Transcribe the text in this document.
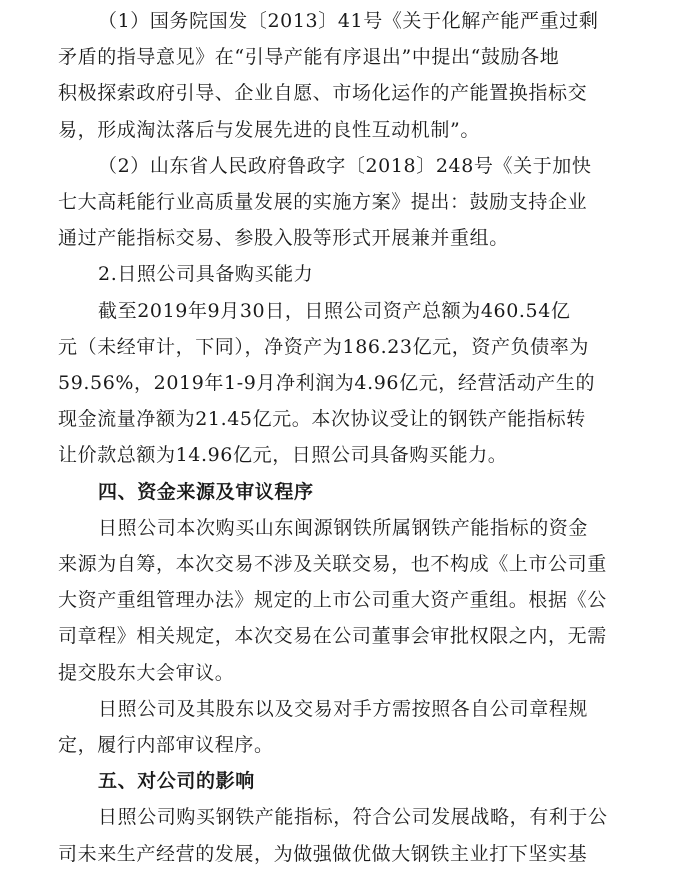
（1）国务院国发〔2013〕41号《关于化解产能严重过剩
矛盾的指导意见》在“引导产能有序退出”中提出“鼓励各地
积极探索政府引导、企业自愿、市场化运作的产能置换指标交
易，形成淘汰落后与发展先进的良性互动机制”。
（2）山东省人民政府鲁政字〔2018〕248号《关于加快
七大高耗能行业高质量发展的实施方案》提出：鼓励支持企业
通过产能指标交易、参股入股等形式开展兼并重组。
2.日照公司具备购买能力
截至2019年9月30日，日照公司资产总额为460.54亿
元（未经审计，下同），净资产为186.23亿元，资产负债率为
59.56%，2019年1-9月净利润为4.96亿元，经营活动产生的
现金流量净额为21.45亿元。本次协议受让的钢铁产能指标转
让价款总额为14.96亿元，日照公司具备购买能力。
四、资金来源及审议程序
日照公司本次购买山东闽源钢铁所属钢铁产能指标的资金
来源为自筹，本次交易不涉及关联交易，也不构成《上市公司重
大资产重组管理办法》规定的上市公司重大资产重组。根据《公
司章程》相关规定，本次交易在公司董事会审批权限之内，无需
提交股东大会审议。
日照公司及其股东以及交易对手方需按照各自公司章程规
定，履行内部审议程序。
五、对公司的影响
日照公司购买钢铁产能指标，符合公司发展战略，有利于公
司未来生产经营的发展，为做强做优做大钢铁主业打下坚实基
